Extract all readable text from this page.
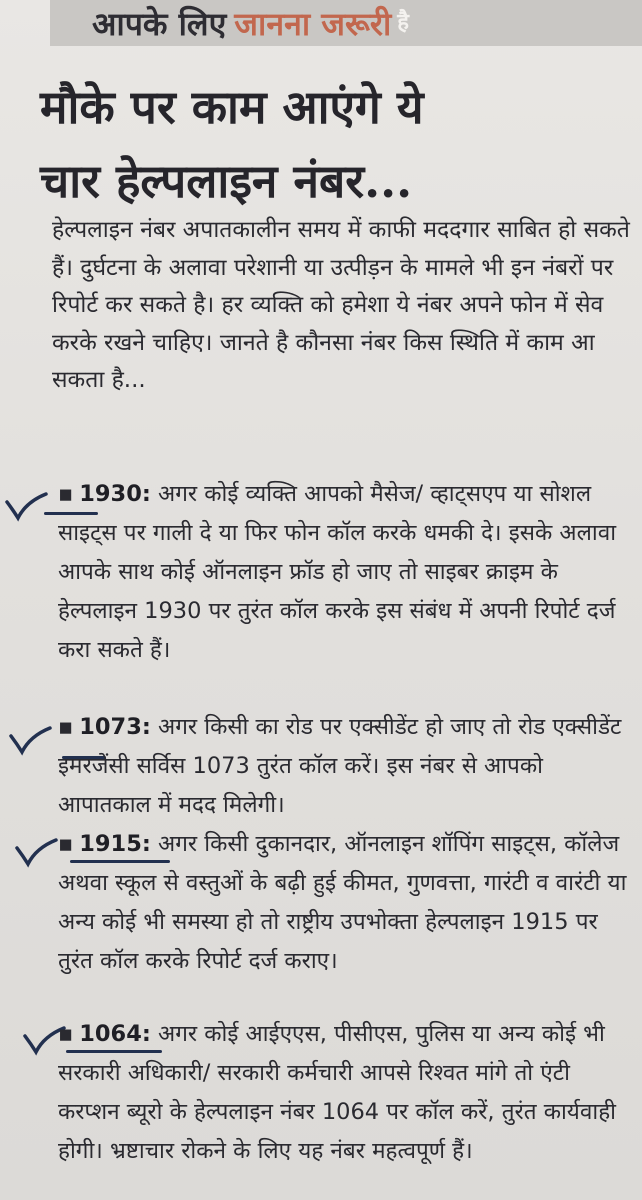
आपके लिए जानना जरूरी है
मौके पर काम आएंगे ये
चार हेल्पलाइन नंबर...
हेल्पलाइन नंबर अपातकालीन समय में काफी मददगार साबित हो सकते हैं। दुर्घटना के अलावा परेशानी या उत्पीड़न के मामले भी इन नंबरों पर रिपोर्ट कर सकते है। हर व्यक्ति को हमेशा ये नंबर अपने फोन में सेव करके रखने चाहिए। जानते है कौनसा नंबर किस स्थिति में काम आ सकता है...
▪ 1930: अगर कोई व्यक्ति आपको मैसेज/ व्हाट्सएप या सोशल साइट्स पर गाली दे या फिर फोन कॉल करके धमकी दे। इसके अलावा आपके साथ कोई ऑनलाइन फ्रॉड हो जाए तो साइबर क्राइम के हेल्पलाइन 1930 पर तुरंत कॉल करके इस संबंध में अपनी रिपोर्ट दर्ज करा सकते हैं।
▪ 1073: अगर किसी का रोड पर एक्सीडेंट हो जाए तो रोड एक्सीडेंट इमरजेंसी सर्विस 1073 तुरंत कॉल करें। इस नंबर से आपको आपातकाल में मदद मिलेगी।
▪ 1915: अगर किसी दुकानदार, ऑनलाइन शॉपिंग साइट्स, कॉलेज अथवा स्कूल से वस्तुओं के बढ़ी हुई कीमत, गुणवत्ता, गारंटी व वारंटी या अन्य कोई भी समस्या हो तो राष्ट्रीय उपभोक्ता हेल्पलाइन 1915 पर तुरंत कॉल करके रिपोर्ट दर्ज कराए।
▪ 1064: अगर कोई आईएएस, पीसीएस, पुलिस या अन्य कोई भी सरकारी अधिकारी/ सरकारी कर्मचारी आपसे रिश्वत मांगे तो एंटी करप्शन ब्यूरो के हेल्पलाइन नंबर 1064 पर कॉल करें, तुरंत कार्यवाही होगी। भ्रष्टाचार रोकने के लिए यह नंबर महत्वपूर्ण हैं।
